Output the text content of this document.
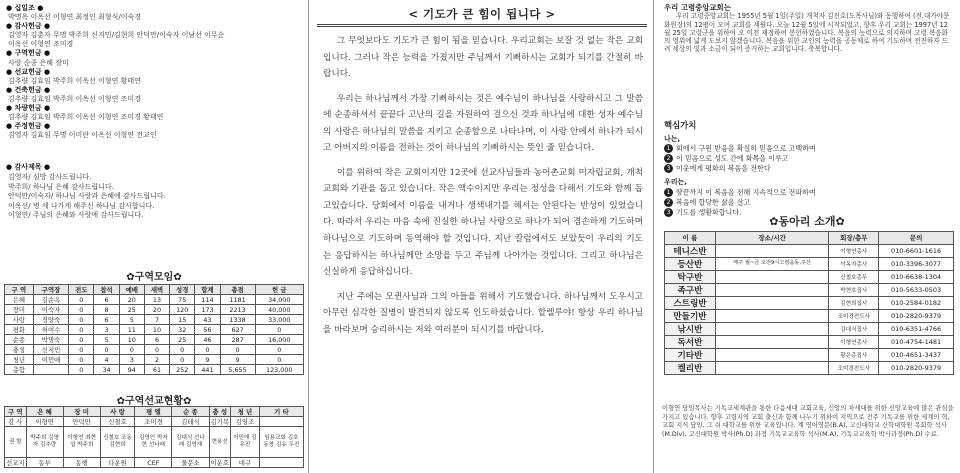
● 십일조 ●
박명옥 이옥선 이형연 최정인 최형식/이숙경
● 감사헌금 ●
김영자 김춘자 무명 박주희 신지민/김현희 안덕만/이숙자 이남선 이무순
이옥선 이형연 조미경
● 구역헌금 ●
사랑 순종 은혜 장미
● 선교헌금 ●
김추량 김효임 박주희 이옥선 이형연 황태연
● 건축헌금 ●
김추량 김효임 박주희 이옥선 이형연 조미경
● 차량헌금 ●
김추량 김효임 박주희 이옥선 이형연 조미경 황태연
● 주정헌금 ●
김영자 김효임 무명 이미란 이옥선 이형연 전교인
● 감사제목 ●
김영자/ 심방 감사드립니다.
박주희/ 하나님 은혜 감사드립니다.
안덕만/이숙자/ 하나님 사랑과 은혜에 감사드립니다.
이옥선/ 병 세 나가게 해주신 하나님 감사합니다.
이형연/ 주님의 은혜와 사랑에 감사드립니다.
✿구역모임✿
구 역	구역장	전도	참석	예배	새벽	성경	합계	총점	헌 금
은혜	김순옥	0	6	20	13	75	114	1181	34,000
장미	이숙자	0	8	25	20	120	173	2213	40,000
사랑	정양숙	0	6	5	7	15	43	1338	33,000
평화	허여수	0	3	11	10	32	56	627	0
순종	박명숙	0	5	10	6	25	46	287	16,000
충성	신지민	0	0	0	0	0	0	0	0
청년	이민애	0	4	3	2	0	9	9	0
총합		0	34	94	61	252	441	5,655	123,000
✿구역선교현황✿
구 역	은 혜	장 미	사 랑	평 엘	순 종	충 성	청 년	기 타
감 사	이형연	안덕만	신철호	조미경	김태식	김기복	김영조	
권 할	박주희 김영자 김추량	이형연 최현섭 박주희	신철호 조동 김현희	김영인 박자현 선나래	김대식 선나래 김영재	현용선	이민애 김유진	임용교회 김호 동창 김유 두진
선교지	동부	동행	다운원	CEF	물문소	이운호	대구	
< 기도가 큰 힘이 됩니다 >

그 무엇보다도 기도가 큰 힘이 됨을 믿습니다. 우리교회는 보잘 것 없는 작은 교회입니다. 그러나 작은 능력을 가졌지만 주님께서 기뻐하시는 교회가 되기를 간절히 바랍니다.

우리는 하나님께서 가장 기뻐하시는 것은 예수님이 하나님을 사랑하시고 그 말씀에 순종하셔서 끝끝다 고난의 길을 자원하여 걸으신 것과 하나님에 대한 성자 예수님의 사랑은 하나님의 말씀을 지키고 순종함으로 나타나며, 이 사랑 안에서 하나가 되시고 아버지의 이름을 전하는 것이 하나님의 기뻐하시는 뜻인 줄 믿습니다.

이를 위하여 작은 교회이지만 12곳에 선교사님들과 농어촌교회 미자립교회, 개척교회와 기관을 돕고 있습니다. 작은 액수이지만 우리는 정성을 다해서 기도와 함께 돕고있습니다. 당회에서 이름을 내거나 생색내기를 해서는 안된다는 반성이 있었습니다. 따라서 우리는 마음 속에 진실한 하나님 사랑으로 하나가 되어 겸손하게 기도하며 하나님으로 기도하며 동역해야 할 것입니다. 지난 칼럼에서도 보았듯이 우리의 기도는 응답하시는 하나님께만 소망을 두고 주님께 나아가는 것입니다. 그리고 하나님은 신실하게 응답하십니다.

지난 주에는 모퀸사님과 그의 아들을 위해서 기도했습니다. 하나님께서 도우시고 아무런 심각한 질병이 발견되지 않도록 인도하셨습니다. 할렐루야! 항상 우리 하나님을 바라보며 승리하시는 저와 여러분이 되시기를 바랍니다.

우리 고령중앙교회는
우리 고령중앙교회는 1955년 5월 1일(주일) 개척자 김진호(도목사님)와 동행하여 (전.대가야문화원장)의 12평이 모여 교회를 세웠다. 오늘 12월 5일에 시작되었고, 향후 우리 교회는 1997년 12월 25일 고령군을 위하여 오 이전 재정하여 봉헌하였습니다. 복음의 능력으로 의지하며 고령 복음화의 영위에 넓게 도보지 않겠습니다. 복음을 위한 교인의 능력을 공동체로 하여 기도하며 전진하자 드려 세상의 빛과 소금이 되어 증거하는 교회입니다. 축복합니다.
핵심가치
나는,
1 회에서 구원 받음을 확실히 믿음으로 고백하며
2 이 믿음으로 성도 간에 화목을 이루고
3 이웃에게 평화의 복음을 전한다
우리는,
1 땅끝까지 이 복음을 전해 지속적으로 전파하며
2 복음에 합당한 삶을 살고
3 기도를 생활화합니다.
✿동아리 소개✿
이 름	장소/시간	회장/총무	문의
테니스반		이형연총사	010-6601-1616
등산반	매주 월~금 오전9시고령읍동,주산	이옥자총사	010-3396-3077
탁구반		신철호총무	010-6638-1304
족구반		박현호집사	010-5633-0503
스트링반		김현희집사	010-2584-0182
만들기반		조미경전도사	010-2820-9379
낚시반		김대식집사	010-6351-4766
독서반		이형연총사	010-4754-1481
기타반		황은총집사	010-4651-3437
켈리반		조미경전도사	010-2820-9379
이형연 담임목사는 기독교세계관을 통한 다음세대 교회교육, 신앙의 차세대를 위한 신앙교육에 많은 관심을 가지고 있습니다. 향후 고령지역 교회 출신과 함께 나누기 위하여 지역으로 전주 기독교를 위한 세계의 혁, 교회 지식 담임, 그 쉬 대학교를 위한 교육입니다. 계 영어영문(B.A), 고신대학교 신학대학원 목회학 석사(M.Div), 고신대학원 박사(Ph.D) 과정 기독교교육학 석사(M.A), 기독교교육학 박사과정(Ph.D) 수료.
